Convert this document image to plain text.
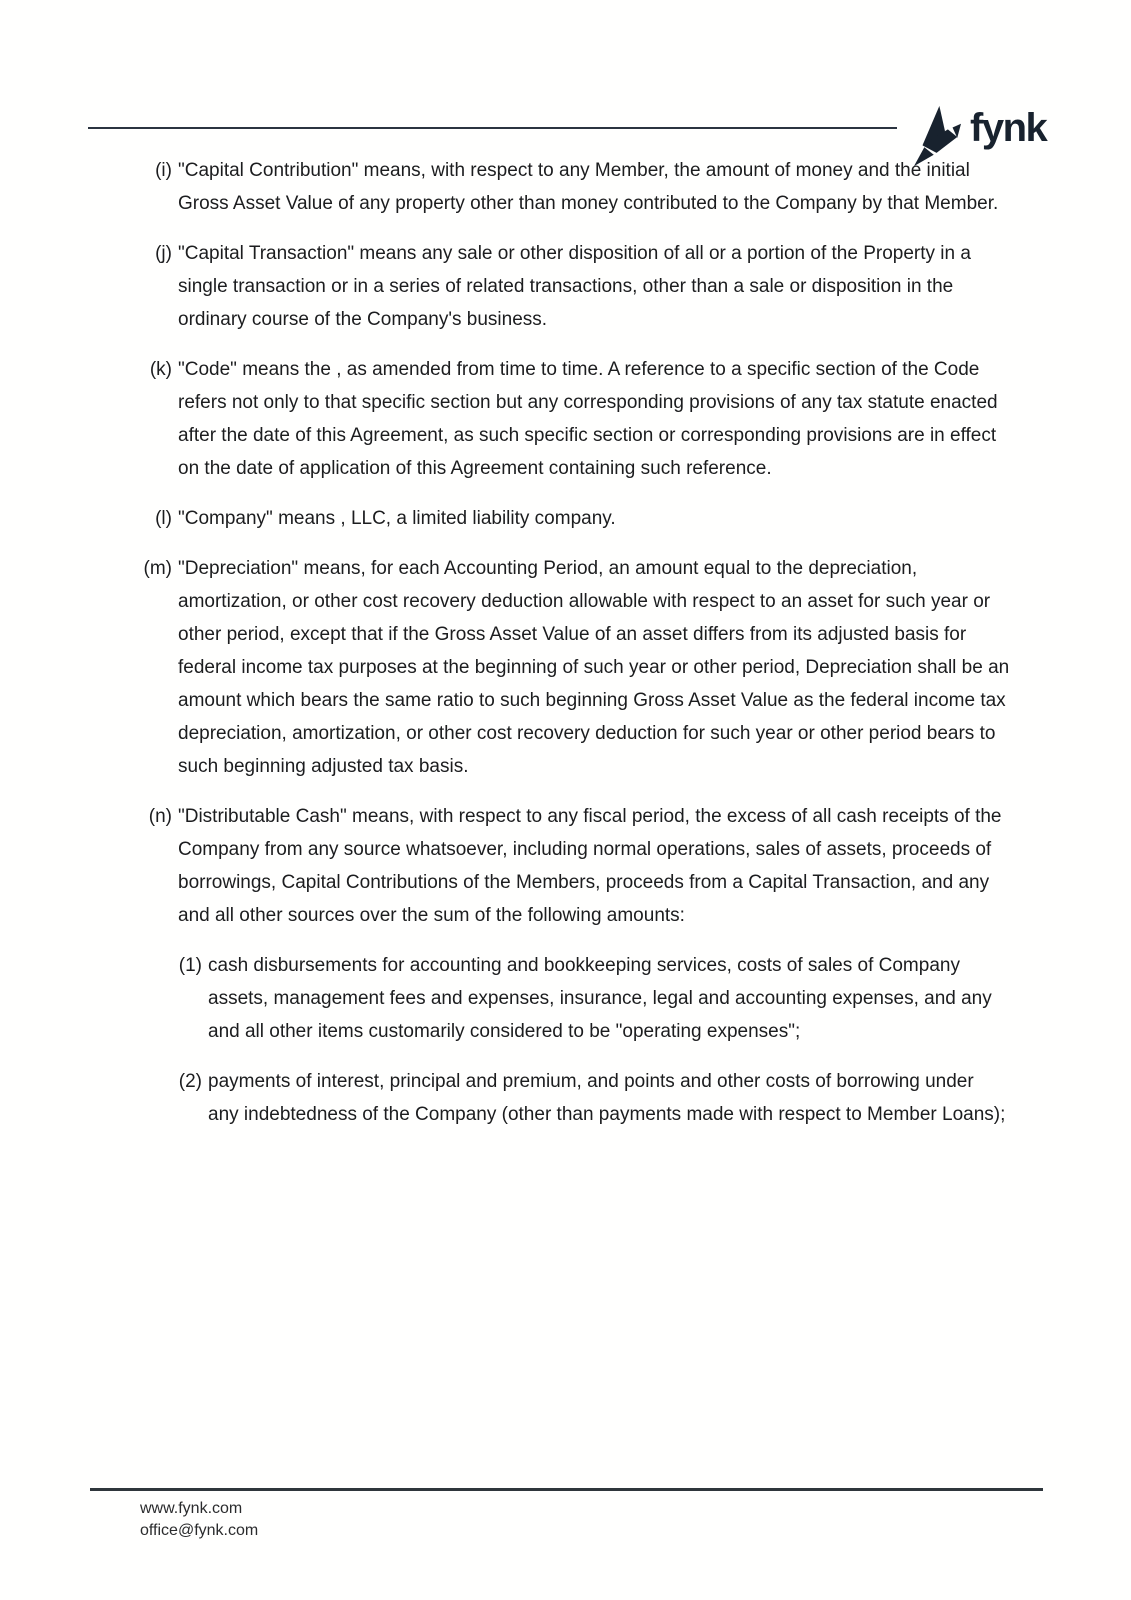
fynk
(i) "Capital Contribution" means, with respect to any Member, the amount of money and the initial Gross Asset Value of any property other than money contributed to the Company by that Member.
(j) "Capital Transaction" means any sale or other disposition of all or a portion of the Property in a single transaction or in a series of related transactions, other than a sale or disposition in the ordinary course of the Company's business.
(k) "Code" means the , as amended from time to time. A reference to a specific section of the Code refers not only to that specific section but any corresponding provisions of any tax statute enacted after the date of this Agreement, as such specific section or corresponding provisions are in effect on the date of application of this Agreement containing such reference.
(l) "Company" means , LLC, a limited liability company.
(m) "Depreciation" means, for each Accounting Period, an amount equal to the depreciation, amortization, or other cost recovery deduction allowable with respect to an asset for such year or other period, except that if the Gross Asset Value of an asset differs from its adjusted basis for federal income tax purposes at the beginning of such year or other period, Depreciation shall be an amount which bears the same ratio to such beginning Gross Asset Value as the federal income tax depreciation, amortization, or other cost recovery deduction for such year or other period bears to such beginning adjusted tax basis.
(n) "Distributable Cash" means, with respect to any fiscal period, the excess of all cash receipts of the Company from any source whatsoever, including normal operations, sales of assets, proceeds of borrowings, Capital Contributions of the Members, proceeds from a Capital Transaction, and any and all other sources over the sum of the following amounts:
(1) cash disbursements for accounting and bookkeeping services, costs of sales of Company assets, management fees and expenses, insurance, legal and accounting expenses, and any and all other items customarily considered to be "operating expenses";
(2) payments of interest, principal and premium, and points and other costs of borrowing under any indebtedness of the Company (other than payments made with respect to Member Loans);
www.fynk.com
office@fynk.com
